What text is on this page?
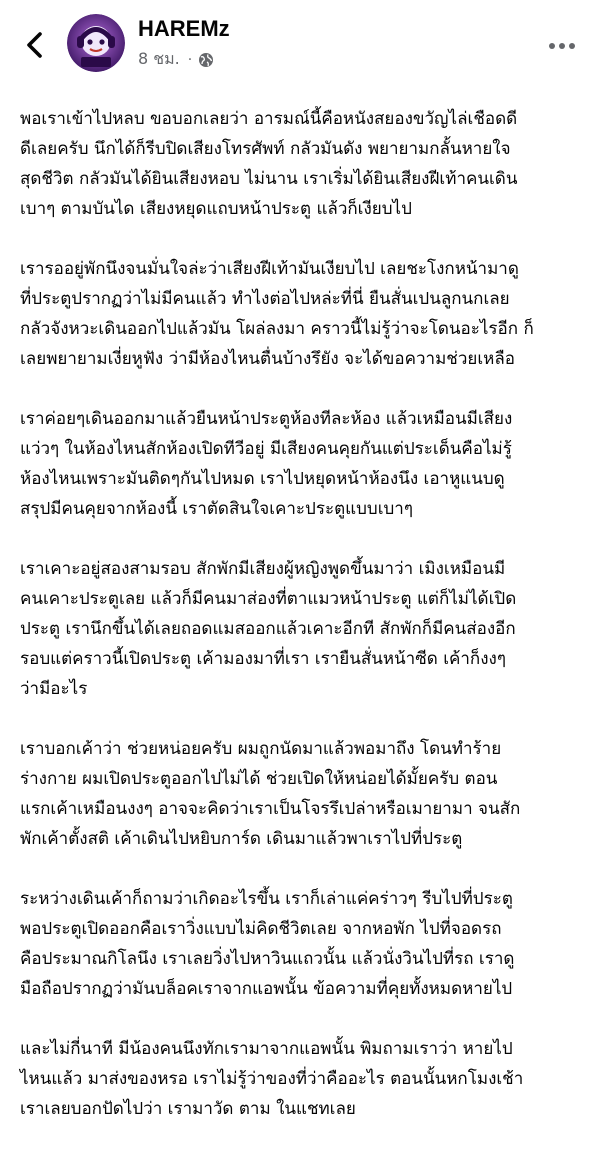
HAREMz
8 ชม. ·

พอเราเข้าไปหลบ ขอบอกเลยว่า อารมณ์นี้คือหนังสยองขวัญไล่เชือดดี
ดีเลยครับ นึกได้ก็รีบปิดเสียงโทรศัพท์ กลัวมันดัง พยายามกลั้นหายใจ
สุดชีวิต กลัวมันได้ยินเสียงหอบ ไม่นาน เราเริ่มได้ยินเสียงฝีเท้าคนเดิน
เบาๆ ตามบันได เสียงหยุดแถบหน้าประตู แล้วก็เงียบไป

เรารออยู่พักนึงจนมั่นใจล่ะว่าเสียงฝีเท้ามันเงียบไป เลยชะโงกหน้ามาดู
ที่ประตูปรากฏว่าไม่มีคนแล้ว ทำไงต่อไปหล่ะที่นี่ ยืนสั่นเปนลูกนกเลย
กลัวจังหวะเดินออกไปแล้วมัน โผล่ลงมา คราวนี้ไม่รู้ว่าจะโดนอะไรอีก ก็
เลยพยายามเงี่ยหูฟัง ว่ามีห้องไหนตื่นบ้างรึยัง จะได้ขอความช่วยเหลือ

เราค่อยๆเดินออกมาแล้วยืนหน้าประตูห้องทีละห้อง แล้วเหมือนมีเสียง
แว่วๆ ในห้องไหนสักห้องเปิดทีวีอยู่ มีเสียงคนคุยกันแต่ประเด็นคือไม่รู้
ห้องไหนเพราะมันติดๆกันไปหมด เราไปหยุดหน้าห้องนึง เอาหูแนบดู
สรุปมีคนคุยจากห้องนี้ เราตัดสินใจเคาะประตูแบบเบาๆ

เราเคาะอยู่สองสามรอบ สักพักมีเสียงผู้หญิงพูดขึ้นมาว่า เมิงเหมือนมี
คนเคาะประตูเลย แล้วก็มีคนมาส่องที่ตาแมวหน้าประตู แต่ก็ไม่ได้เปิด
ประตู เรานึกขึ้นได้เลยถอดแมสออกแล้วเคาะอีกที สักพักก็มีคนส่องอีก
รอบแต่คราวนี้เปิดประตู เค้ามองมาที่เรา เรายืนสั่นหน้าซีด เค้าก็งงๆ
ว่ามีอะไร

เราบอกเค้าว่า ช่วยหน่อยครับ ผมถูกนัดมาแล้วพอมาถึง โดนทำร้าย
ร่างกาย ผมเปิดประตูออกไปไม่ได้ ช่วยเปิดให้หน่อยได้มั้ยครับ ตอน
แรกเค้าเหมือนงงๆ อาจจะคิดว่าเราเป็นโจรรึเปล่าหรือเมายามา จนสัก
พักเค้าตั้งสติ เค้าเดินไปหยิบการ์ด เดินมาแล้วพาเราไปที่ประตู

ระหว่างเดินเค้าก็ถามว่าเกิดอะไรขึ้น เราก็เล่าแค่คร่าวๆ รีบไปที่ประตู
พอประตูเปิดออกคือเราวิ่งแบบไม่คิดชีวิตเลย จากหอพัก ไปที่จอดรถ
คือประมาณกิโลนึง เราเลยวิ่งไปหาวินแถวนั้น แล้วนั่งวินไปที่รถ เราดู
มือถือปรากฏว่ามันบล็อคเราจากแอพนั้น ข้อความที่คุยทั้งหมดหายไป

และไม่กี่นาที มีน้องคนนึงทักเรามาจากแอพนั้น พิมถามเราว่า หายไป
ไหนแล้ว มาส่งของหรอ เราไม่รู้ว่าของที่ว่าคืออะไร ตอนนั้นหกโมงเช้า
เราเลยบอกปัดไปว่า เรามาวัด ตาม ในแชทเลย
